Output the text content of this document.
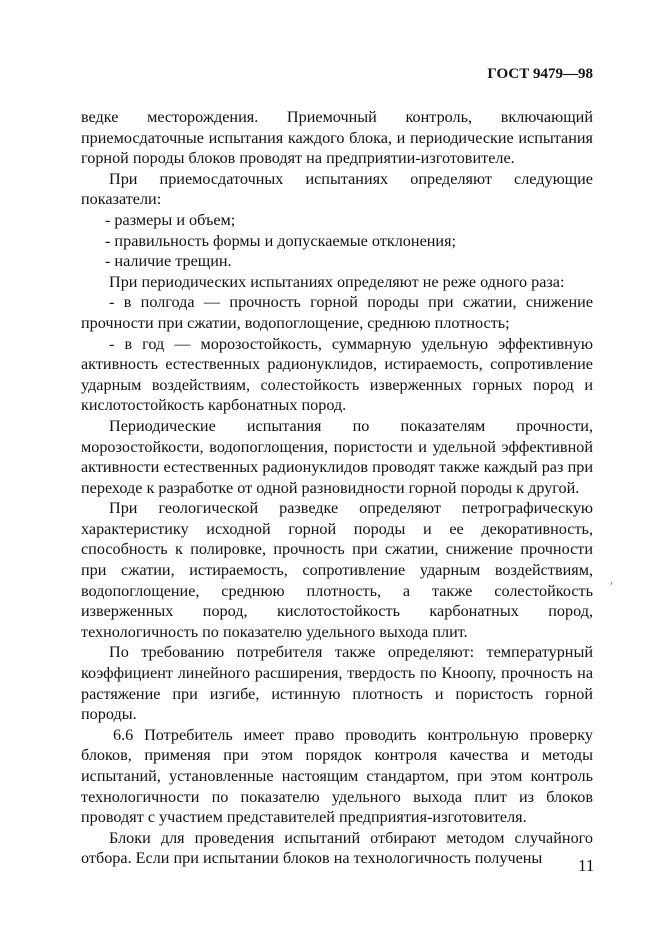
ГОСТ 9479—98

ведке месторождения. Приемочный контроль, включающий приемосдаточные испытания каждого блока, и периодические испытания горной породы блоков проводят на предприятии-изготовителе.

При приемосдаточных испытаниях определяют следующие показатели:

- размеры и объем;

- правильность формы и допускаемые отклонения;

- наличие трещин.

При периодических испытаниях определяют не реже одного раза:

- в полгода — прочность горной породы при сжатии, снижение прочности при сжатии, водопоглощение, среднюю плотность;

- в год — морозостойкость, суммарную удельную эффективную активность естественных радионуклидов, истираемость, сопротивление ударным воздействиям, солестойкость изверженных горных пород и кислотостойкость карбонатных пород.

Периодические испытания по показателям прочности, морозостойкости, водопоглощения, пористости и удельной эффективной активности естественных радионуклидов проводят также каждый раз при переходе к разработке от одной разновидности горной породы к другой.

При геологической разведке определяют петрографическую характеристику исходной горной породы и ее декоративность, способность к полировке, прочность при сжатии, снижение прочности при сжатии, истираемость, сопротивление ударным воздействиям, водопоглощение, среднюю плотность, а также солестойкость изверженных пород, кислотостойкость карбонатных пород, технологичность по показателю удельного выхода плит.

По требованию потребителя также определяют: температурный коэффициент линейного расширения, твердость по Кноопу, прочность на растяжение при изгибе, истинную плотность и пористость горной породы.

6.6 Потребитель имеет право проводить контрольную проверку блоков, применяя при этом порядок контроля качества и методы испытаний, установленные настоящим стандартом, при этом контроль технологичности по показателю удельного выхода плит из блоков проводят с участием представителей предприятия-изготовителя.

Блоки для проведения испытаний отбирают методом случайного отбора. Если при испытании блоков на технологичность получены

,
11
